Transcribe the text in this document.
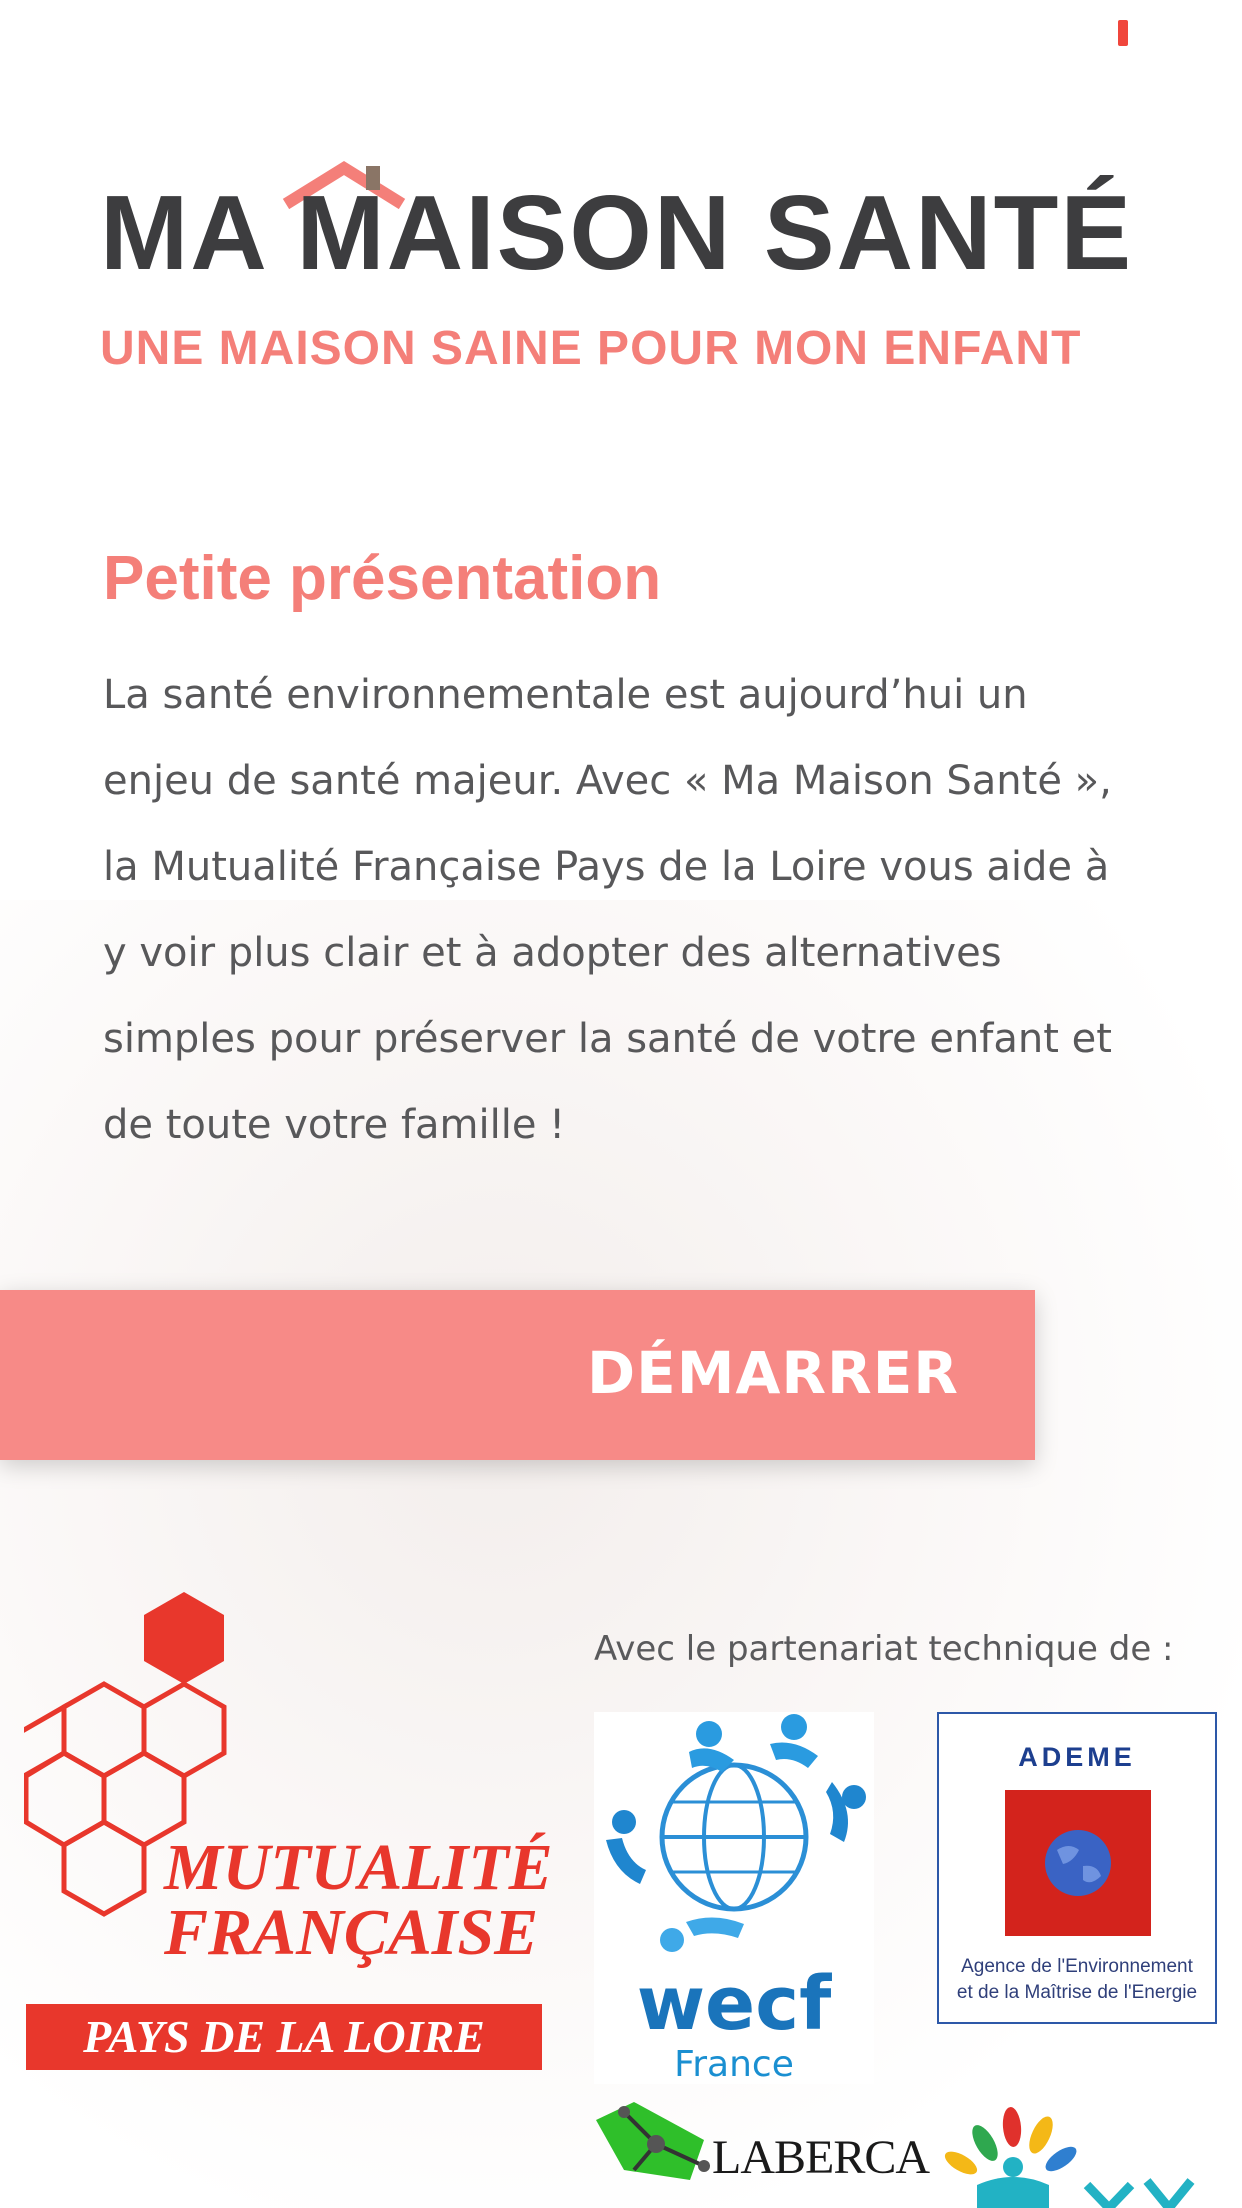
MA MAISON SANTÉ

UNE MAISON SAINE POUR MON ENFANT

Petite présentation

La santé environnementale est aujourd’hui un enjeu de santé majeur. Avec « Ma Maison Santé », la Mutualité Française Pays de la Loire vous aide à y voir plus clair et à adopter des alternatives simples pour préserver la santé de votre enfant et de toute votre famille !

DÉMARRER

MUTUALITÉ

FRANÇAISE

PAYS DE LA LOIRE

Avec le partenariat technique de :

wecf
France
ADEME
Agence de l'Environnement
et de la Maîtrise de l'Energie
LABERCA
